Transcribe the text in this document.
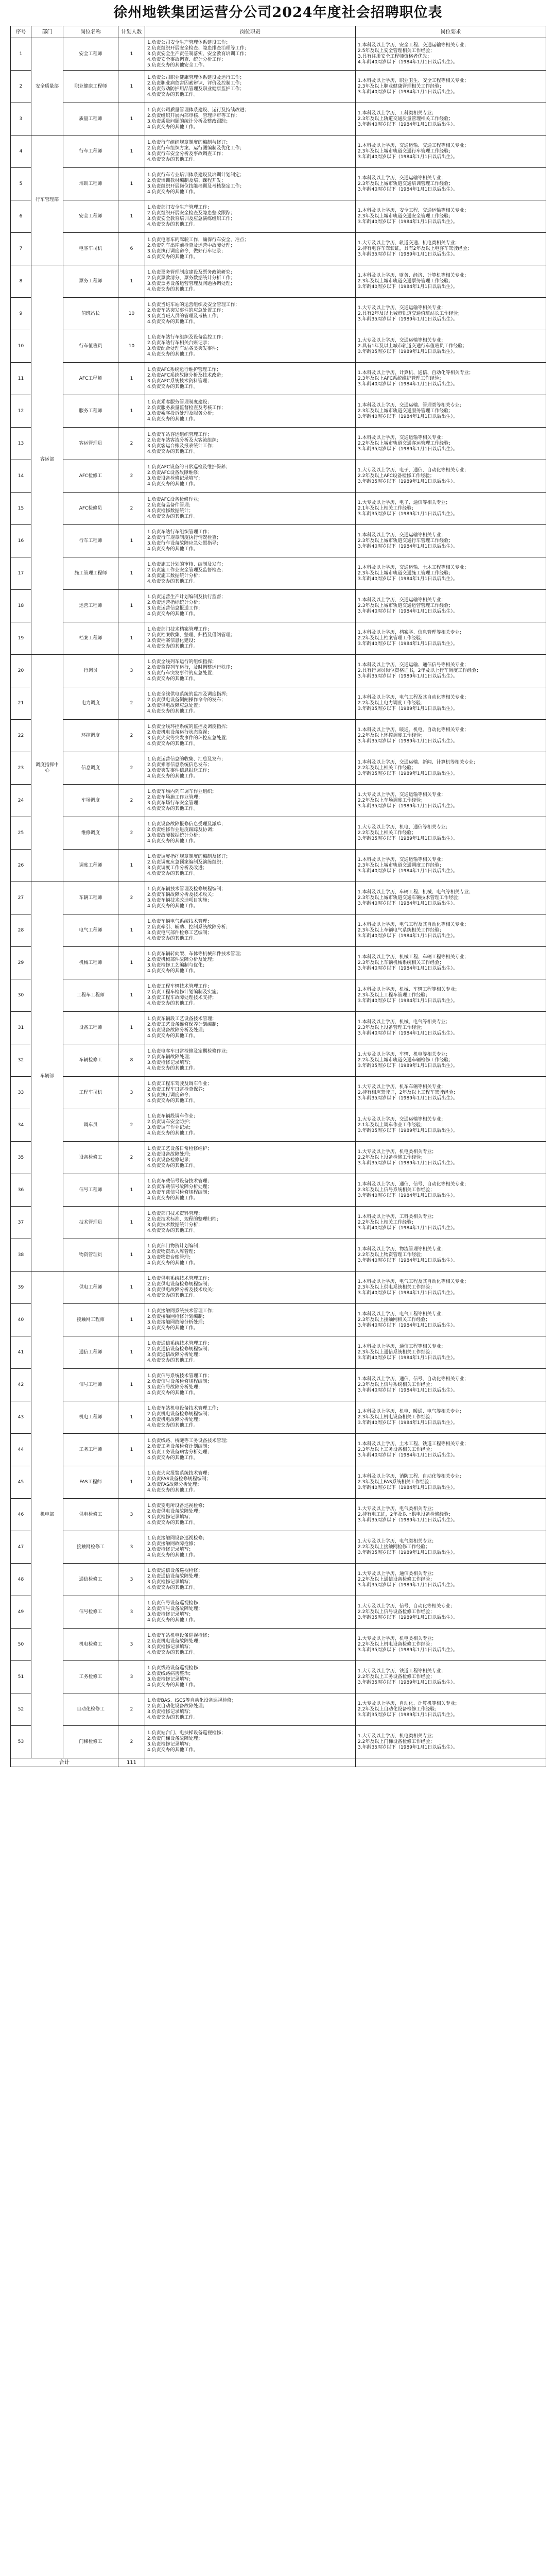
徐州地铁集团运营分公司2024年度社会招聘职位表
序号	部门	岗位名称	计划人数	岗位职责	岗位要求
1	安全质量部	安全工程师	1	1.负责公司安全生产管理体系建设工作；
2.负责组织开展安全检查、隐患排查治理等工作；
3.负责安全生产责任制落实、安全教育培训工作；
4.负责安全事故调查、统计分析工作；
5.负责交办的其他安全工作。	1.本科及以上学历，安全工程、交通运输等相关专业；
2.5年及以上安全管理相关工作经验；
3.具有注册安全工程师资格者优先；
4.年龄40周岁以下（1984年1月1日以后出生）。
2		职业健康工程师	1	1.负责公司职业健康管理体系建设及运行工作；
2.负责职业病危害因素辨识、评价及控制工作；
3.负责劳动防护用品管理及职业健康监护工作；
4.负责交办的其他工作。	1.本科及以上学历，职业卫生、安全工程等相关专业；
2.3年及以上职业健康管理相关工作经验；
3.年龄40周岁以下（1984年1月1日以后出生）。
3		质量工程师	1	1.负责公司质量管理体系建设、运行及持续改进；
2.负责组织开展内部审核、管理评审等工作；
3.负责质量问题的统计分析及整改跟踪；
4.负责交办的其他工作。	1.本科及以上学历，工科类相关专业；
2.3年及以上轨道交通质量管理相关工作经验；
3.年龄40周岁以下（1984年1月1日以后出生）。
4	行车管理部	行车工程师	1	1.负责行车组织规章制度的编制与修订；
2.负责行车组织方案、运行图编制及优化工作；
3.负责行车安全分析及事故调查工作；
4.负责交办的其他工作。	1.本科及以上学历，交通运输、交通工程等相关专业；
2.3年及以上城市轨道交通行车管理工作经验；
3.年龄40周岁以下（1984年1月1日以后出生）。
5		培训工程师	1	1.负责行车专业培训体系建设及培训计划制定；
2.负责培训教材编制及培训课程开发；
3.负责组织开展岗位技能培训及考核鉴定工作；
4.负责交办的其他工作。	1.本科及以上学历，交通运输等相关专业；
2.3年及以上城市轨道交通培训管理工作经验；
3.年龄40周岁以下（1984年1月1日以后出生）。
6		安全工程师	1	1.负责部门安全生产管理工作；
2.负责组织开展安全检查及隐患整改跟踪；
3.负责安全教育培训及应急演练组织工作；
4.负责交办的其他工作。	1.本科及以上学历，安全工程、交通运输等相关专业；
2.3年及以上城市轨道交通安全管理工作经验；
3.年龄40周岁以下（1984年1月1日以后出生）。
7		电客车司机	6	1.负责电客车的驾驶工作，确保行车安全、准点；
2.负责列车出库前检查及运营中故障处理；
3.负责执行调度命令，做好行车记录；
4.负责交办的其他工作。	1.大专及以上学历，轨道交通、机电类相关专业；
2.持有电客车驾驶证，具有2年及以上电客车驾驶经验；
3.年龄35周岁以下（1989年1月1日以后出生）。
8	客运部	票务工程师	1	1.负责票务管理制度建设及票务政策研究；
2.负责票款清分、票务数据统计分析工作；
3.负责票务设备运营管理及问题协调处理；
4.负责交办的其他工作。	1.本科及以上学历，财务、经济、计算机等相关专业；
2.3年及以上城市轨道交通票务管理工作经验；
3.年龄40周岁以下（1984年1月1日以后出生）。
9		值班站长	10	1.负责当班车站的运营组织及安全管理工作；
2.负责车站突发事件的应急处置工作；
3.负责当班人员的管理及考核工作；
4.负责交办的其他工作。	1.大专及以上学历，交通运输等相关专业；
2.具有2年及以上城市轨道交通值班站长工作经验；
3.年龄35周岁以下（1989年1月1日以后出生）。
10		行车值班员	10	1.负责车站行车组织及设备监控工作；
2.负责车站行车相关台账记录；
3.负责配合处理车站各类突发事件；
4.负责交办的其他工作。	1.大专及以上学历，交通运输等相关专业；
2.具有1年及以上城市轨道交通行车值班员工作经验；
3.年龄35周岁以下（1989年1月1日以后出生）。
11		AFC工程师	1	1.负责AFC系统运行维护管理工作；
2.负责AFC系统故障分析及技术改造；
3.负责AFC系统技术资料管理；
4.负责交办的其他工作。	1.本科及以上学历，计算机、通信、自动化等相关专业；
2.3年及以上AFC系统维护管理工作经验；
3.年龄40周岁以下（1984年1月1日以后出生）。
12		服务工程师	1	1.负责乘客服务管理制度建设；
2.负责服务质量监督检查及考核工作；
3.负责乘客投诉处理及服务分析；
4.负责交办的其他工作。	1.本科及以上学历，交通运输、管理类等相关专业；
2.3年及以上城市轨道交通服务管理工作经验；
3.年龄40周岁以下（1984年1月1日以后出生）。
13		客运管理员	2	1.负责车站客运组织管理工作；
2.负责车站客流分析及大客流组织；
3.负责客运台账及报表统计工作；
4.负责交办的其他工作。	1.本科及以上学历，交通运输等相关专业；
2.2年及以上城市轨道交通客运管理工作经验；
3.年龄35周岁以下（1989年1月1日以后出生）。
14		AFC检修工	2	1.负责AFC设备的日常巡检及维护保养；
2.负责AFC设备故障维修；
3.负责设备检修记录填写；
4.负责交办的其他工作。	1.大专及以上学历，电子、通信、自动化等相关专业；
2.2年及以上AFC设备检修工作经验；
3.年龄35周岁以下（1989年1月1日以后出生）。
15		AFC检修员	2	1.负责AFC设备检修作业；
2.负责备品备件管理；
3.负责检修数据统计；
4.负责交办的其他工作。	1.大专及以上学历，电子、通信等相关专业；
2.1年及以上相关工作经验；
3.年龄35周岁以下（1989年1月1日以后出生）。
16		行车工程师	1	1.负责车站行车组织管理工作；
2.负责行车规章制度执行情况检查；
3.负责行车设备故障应急处置指导；
4.负责交办的其他工作。	1.本科及以上学历，交通运输等相关专业；
2.3年及以上城市轨道交通行车管理工作经验；
3.年龄40周岁以下（1984年1月1日以后出生）。
17		施工管理工程师	1	1.负责施工计划的审核、编制及发布；
2.负责施工作业安全管理及监督检查；
3.负责施工数据统计分析；
4.负责交办的其他工作。	1.本科及以上学历，交通运输、土木工程等相关专业；
2.3年及以上城市轨道交通施工管理工作经验；
3.年龄40周岁以下（1984年1月1日以后出生）。
18		运营工程师	1	1.负责运营生产计划编制及执行监督；
2.负责运营指标统计分析；
3.负责运营信息报送工作；
4.负责交办的其他工作。	1.本科及以上学历，交通运输等相关专业；
2.3年及以上城市轨道交通运营管理工作经验；
3.年龄40周岁以下（1984年1月1日以后出生）。
19		档案工程师	1	1.负责部门技术档案管理工作；
2.负责档案收集、整理、归档及借阅管理；
3.负责档案信息化建设；
4.负责交办的其他工作。	1.本科及以上学历，档案学、信息管理等相关专业；
2.2年及以上档案管理工作经验；
3.年龄40周岁以下（1984年1月1日以后出生）。
20	调度指挥中心	行调员	3	1.负责全线列车运行的组织指挥；
2.负责监控列车运行，及时调整运行秩序；
3.负责行车突发事件的应急处置；
4.负责交办的其他工作。	1.本科及以上学历，交通运输、通信信号等相关专业；
2.具有行调员岗位资格证书，2年及以上行车调度工作经验；
3.年龄35周岁以下（1989年1月1日以后出生）。
21		电力调度	2	1.负责全线供电系统的监控及调度指挥；
2.负责供电设备倒闸操作命令的发布；
3.负责供电故障应急处置；
4.负责交办的其他工作。	1.本科及以上学历，电气工程及其自动化等相关专业；
2.2年及以上电力调度工作经验；
3.年龄35周岁以下（1989年1月1日以后出生）。
22		环控调度	2	1.负责全线环控系统的监控及调度指挥；
2.负责机电设备运行状态监视；
3.负责火灾等突发事件的环控应急处置；
4.负责交办的其他工作。	1.本科及以上学历，暖通、机电、自动化等相关专业；
2.2年及以上环控调度工作经验；
3.年龄35周岁以下（1989年1月1日以后出生）。
23		信息调度	2	1.负责运营信息的收集、汇总及发布；
2.负责乘客信息系统信息发布；
3.负责突发事件信息报送工作；
4.负责交办的其他工作。	1.本科及以上学历，交通运输、新闻、计算机等相关专业；
2.2年及以上相关工作经验；
3.年龄35周岁以下（1989年1月1日以后出生）。
24		车场调度	2	1.负责车场内列车调车作业组织；
2.负责车场施工作业管理；
3.负责车场行车安全管理；
4.负责交办的其他工作。	1.大专及以上学历，交通运输等相关专业；
2.2年及以上车场调度工作经验；
3.年龄35周岁以下（1989年1月1日以后出生）。
25		维修调度	2	1.负责设备故障报修信息受理及派单；
2.负责维修作业进度跟踪及协调；
3.负责故障数据统计分析；
4.负责交办的其他工作。	1.大专及以上学历，机电、通信等相关专业；
2.2年及以上相关工作经验；
3.年龄35周岁以下（1989年1月1日以后出生）。
26		调度工程师	1	1.负责调度指挥规章制度的编制及修订；
2.负责调度应急预案编制及演练组织；
3.负责调度工作分析及改进；
4.负责交办的其他工作。	1.本科及以上学历，交通运输等相关专业；
2.3年及以上城市轨道交通调度工作经验；
3.年龄40周岁以下（1984年1月1日以后出生）。
27	车辆部	车辆工程师	2	1.负责车辆技术管理及检修规程编制；
2.负责车辆故障分析及技术攻关；
3.负责车辆技术改造项目实施；
4.负责交办的其他工作。	1.本科及以上学历，车辆工程、机械、电气等相关专业；
2.3年及以上城市轨道交通车辆技术管理工作经验；
3.年龄40周岁以下（1984年1月1日以后出生）。
28		电气工程师	1	1.负责车辆电气系统技术管理；
2.负责牵引、辅助、控制系统故障分析；
3.负责电气部件检修工艺编制；
4.负责交办的其他工作。	1.本科及以上学历，电气工程及其自动化等相关专业；
2.3年及以上车辆电气系统相关工作经验；
3.年龄40周岁以下（1984年1月1日以后出生）。
29		机械工程师	1	1.负责车辆转向架、车体等机械部件技术管理；
2.负责机械部件故障分析及处理；
3.负责检修工艺编制与优化；
4.负责交办的其他工作。	1.本科及以上学历，机械工程、车辆工程等相关专业；
2.3年及以上车辆机械系统相关工作经验；
3.年龄40周岁以下（1984年1月1日以后出生）。
30		工程车工程师	1	1.负责工程车辆技术管理工作；
2.负责工程车检修计划编制及实施；
3.负责工程车故障处理技术支持；
4.负责交办的其他工作。	1.本科及以上学历，机械、车辆工程等相关专业；
2.3年及以上工程车管理工作经验；
3.年龄40周岁以下（1984年1月1日以后出生）。
31		设备工程师	1	1.负责车辆段工艺设备技术管理；
2.负责工艺设备维修保养计划编制；
3.负责设备故障分析及处理；
4.负责交办的其他工作。	1.本科及以上学历，机械、电气等相关专业；
2.3年及以上设备管理工作经验；
3.年龄40周岁以下（1984年1月1日以后出生）。
32		车辆检修工	8	1.负责电客车日常检修及定期检修作业；
2.负责车辆故障处理；
3.负责检修记录填写；
4.负责交办的其他工作。	1.大专及以上学历，车辆、机电等相关专业；
2.2年及以上城市轨道交通车辆检修工作经验；
3.年龄35周岁以下（1989年1月1日以后出生）。
33		工程车司机	3	1.负责工程车驾驶及调车作业；
2.负责工程车日常检查保养；
3.负责执行调度命令；
4.负责交办的其他工作。	1.大专及以上学历，机车车辆等相关专业；
2.持有相应驾驶证，2年及以上工程车驾驶经验；
3.年龄35周岁以下（1989年1月1日以后出生）。
34		调车员	2	1.负责车辆段调车作业；
2.负责调车安全防护；
3.负责调车作业记录；
4.负责交办的其他工作。	1.大专及以上学历，交通运输等相关专业；
2.1年及以上调车作业工作经验；
3.年龄35周岁以下（1989年1月1日以后出生）。
35		设备检修工	2	1.负责工艺设备日常检修维护；
2.负责设备故障处理；
3.负责设备检修记录；
4.负责交办的其他工作。	1.大专及以上学历，机电类相关专业；
2.2年及以上设备检修工作经验；
3.年龄35周岁以下（1989年1月1日以后出生）。
36		信号工程师	1	1.负责车载信号设备技术管理；
2.负责车载信号故障分析处理；
3.负责车载信号检修规程编制；
4.负责交办的其他工作。	1.本科及以上学历，通信、信号、自动化等相关专业；
2.3年及以上信号系统相关工作经验；
3.年龄40周岁以下（1984年1月1日以后出生）。
37		技术管理员	1	1.负责部门技术资料管理；
2.负责技术标准、规程的整理归档；
3.负责技术数据统计分析；
4.负责交办的其他工作。	1.本科及以上学历，工科类相关专业；
2.2年及以上相关工作经验；
3.年龄40周岁以下（1984年1月1日以后出生）。
38		物资管理员	1	1.负责部门物资计划编制；
2.负责物资出入库管理；
3.负责物资台账管理；
4.负责交办的其他工作。	1.本科及以上学历，物流管理等相关专业；
2.2年及以上物资管理工作经验；
3.年龄40周岁以下（1984年1月1日以后出生）。
39	机电部	供电工程师	1	1.负责供电系统技术管理工作；
2.负责供电设备检修规程编制；
3.负责供电故障分析及技术攻关；
4.负责交办的其他工作。	1.本科及以上学历，电气工程及其自动化等相关专业；
2.3年及以上供电系统相关工作经验；
3.年龄40周岁以下（1984年1月1日以后出生）。
40		接触网工程师	1	1.负责接触网系统技术管理工作；
2.负责接触网检修计划编制；
3.负责接触网故障分析处理；
4.负责交办的其他工作。	1.本科及以上学历，电气工程等相关专业；
2.3年及以上接触网相关工作经验；
3.年龄40周岁以下（1984年1月1日以后出生）。
41		通信工程师	1	1.负责通信系统技术管理工作；
2.负责通信设备检修规程编制；
3.负责通信故障分析处理；
4.负责交办的其他工作。	1.本科及以上学历，通信工程等相关专业；
2.3年及以上通信系统相关工作经验；
3.年龄40周岁以下（1984年1月1日以后出生）。
42		信号工程师	1	1.负责信号系统技术管理工作；
2.负责信号设备检修规程编制；
3.负责信号故障分析处理；
4.负责交办的其他工作。	1.本科及以上学历，通信、信号、自动化等相关专业；
2.3年及以上信号系统相关工作经验；
3.年龄40周岁以下（1984年1月1日以后出生）。
43		机电工程师	1	1.负责车站机电设备技术管理工作；
2.负责机电设备检修规程编制；
3.负责机电故障分析处理；
4.负责交办的其他工作。	1.本科及以上学历，机电、暖通、电气等相关专业；
2.3年及以上机电设备相关工作经验；
3.年龄40周岁以下（1984年1月1日以后出生）。
44		工务工程师	1	1.负责线路、桥隧等工务设备技术管理；
2.负责工务设备检修计划编制；
3.负责工务设备病害分析处理；
4.负责交办的其他工作。	1.本科及以上学历，土木工程、铁道工程等相关专业；
2.3年及以上工务设备相关工作经验；
3.年龄40周岁以下（1984年1月1日以后出生）。
45		FAS工程师	1	1.负责火灾报警系统技术管理；
2.负责FAS设备检修规程编制；
3.负责FAS故障分析处理；
4.负责交办的其他工作。	1.本科及以上学历，消防工程、自动化等相关专业；
2.3年及以上FAS系统相关工作经验；
3.年龄40周岁以下（1984年1月1日以后出生）。
46		供电检修工	3	1.负责变电所设备巡视检修；
2.负责供电设备故障处理；
3.负责检修记录填写；
4.负责交办的其他工作。	1.大专及以上学历，电气类相关专业；
2.持有电工证，2年及以上供电设备检修经验；
3.年龄35周岁以下（1989年1月1日以后出生）。
47		接触网检修工	3	1.负责接触网设备巡视检修；
2.负责接触网故障抢修；
3.负责检修记录填写；
4.负责交办的其他工作。	1.大专及以上学历，电气类相关专业；
2.2年及以上接触网检修工作经验；
3.年龄35周岁以下（1989年1月1日以后出生）。
48		通信检修工	3	1.负责通信设备巡视检修；
2.负责通信设备故障处理；
3.负责检修记录填写；
4.负责交办的其他工作。	1.大专及以上学历，通信类相关专业；
2.2年及以上通信设备检修工作经验；
3.年龄35周岁以下（1989年1月1日以后出生）。
49		信号检修工	3	1.负责信号设备巡视检修；
2.负责信号设备故障处理；
3.负责检修记录填写；
4.负责交办的其他工作。	1.大专及以上学历，信号、自动化等相关专业；
2.2年及以上信号设备检修工作经验；
3.年龄35周岁以下（1989年1月1日以后出生）。
50		机电检修工	3	1.负责车站机电设备巡视检修；
2.负责机电设备故障处理；
3.负责检修记录填写；
4.负责交办的其他工作。	1.大专及以上学历，机电类相关专业；
2.2年及以上机电设备检修工作经验；
3.年龄35周岁以下（1989年1月1日以后出生）。
51		工务检修工	3	1.负责线路设备巡视检修；
2.负责线路病害整治；
3.负责检修记录填写；
4.负责交办的其他工作。	1.大专及以上学历，铁道工程等相关专业；
2.2年及以上工务设备检修工作经验；
3.年龄35周岁以下（1989年1月1日以后出生）。
52		自动化检修工	2	1.负责BAS、ISCS等自动化设备巡视检修；
2.负责自动化设备故障处理；
3.负责检修记录填写；
4.负责交办的其他工作。	1.大专及以上学历，自动化、计算机等相关专业；
2.2年及以上自动化设备检修工作经验；
3.年龄35周岁以下（1989年1月1日以后出生）。
53		门梯检修工	2	1.负责站台门、电扶梯设备巡视检修；
2.负责门梯设备故障处理；
3.负责检修记录填写；
4.负责交办的其他工作。	1.大专及以上学历，机电类相关专业；
2.2年及以上门梯设备检修工作经验；
3.年龄35周岁以下（1989年1月1日以后出生）。
合计			111		
